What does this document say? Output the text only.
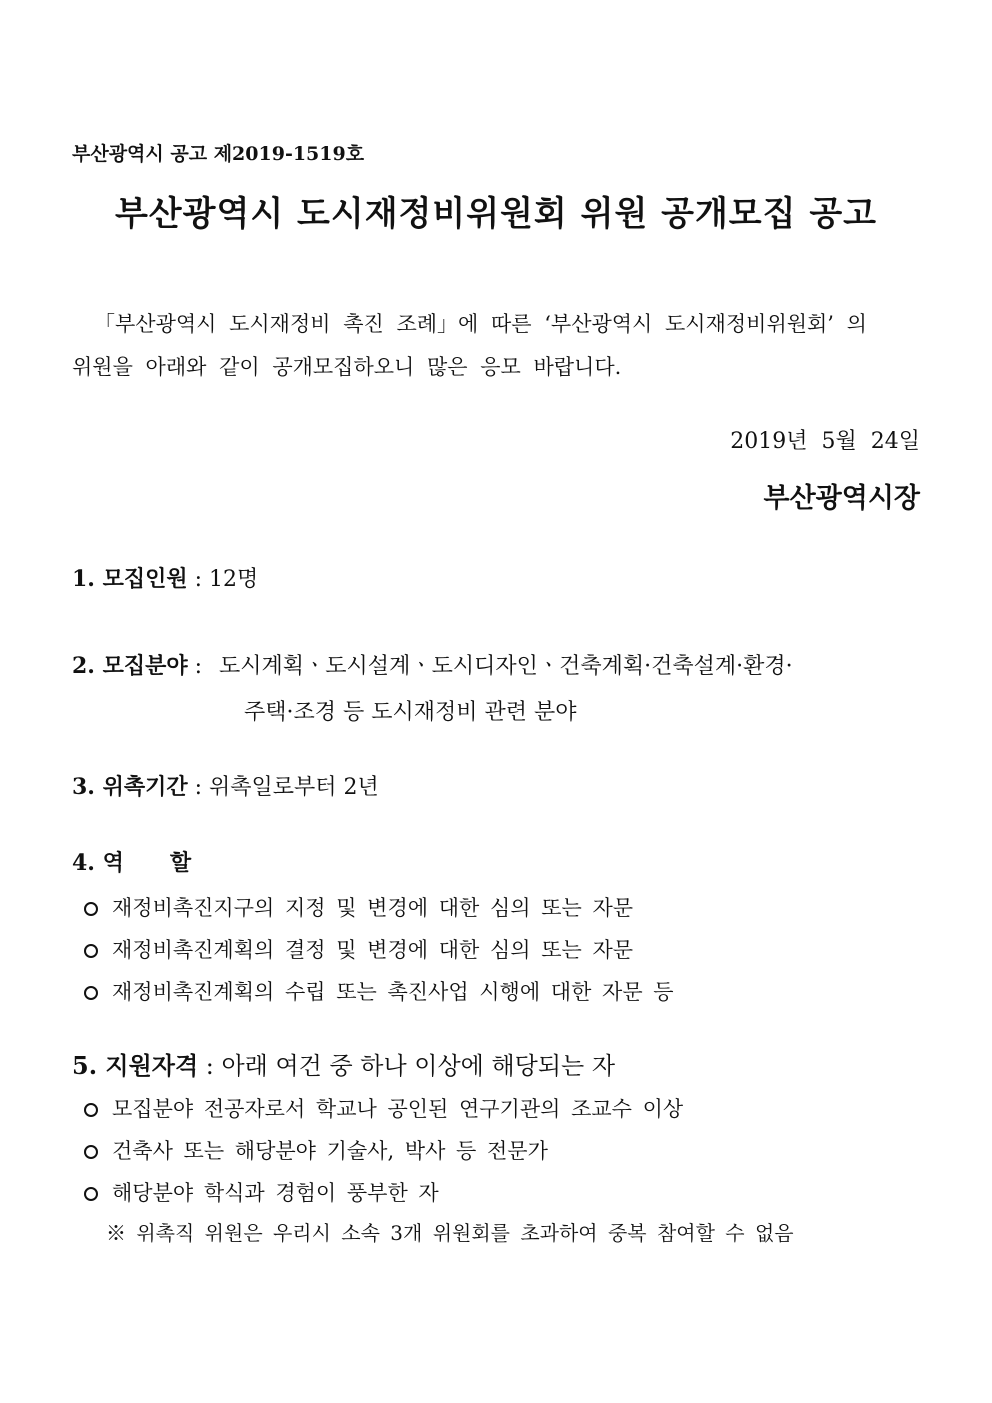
부산광역시 공고 제2019-1519호
부산광역시 도시재정비위원회 위원 공개모집 공고
「부산광역시 도시재정비 촉진 조례」에 따른 ‘부산광역시 도시재정비위원회’ 의
위원을 아래와 같이 공개모집하오니 많은 응모 바랍니다.
2019년  5월  24일
부산광역시장
1. 모집인원 : 12명
2. 모집분야 : 도시계획ㆍ도시설계ㆍ도시디자인ㆍ건축계획·건축설계·환경·
주택·조경 등 도시재정비 관련 분야
3. 위촉기간 : 위촉일로부터 2년
4. 역      할
재정비촉진지구의 지정 및 변경에 대한 심의 또는 자문
재정비촉진계획의 결정 및 변경에 대한 심의 또는 자문
재정비촉진계획의 수립 또는 촉진사업 시행에 대한 자문 등
5. 지원자격 : 아래 여건 중 하나 이상에 해당되는 자
모집분야 전공자로서 학교나 공인된 연구기관의 조교수 이상
건축사 또는 해당분야 기술사, 박사 등 전문가
해당분야 학식과 경험이 풍부한 자
※ 위촉직 위원은 우리시 소속 3개 위원회를 초과하여 중복 참여할 수 없음
